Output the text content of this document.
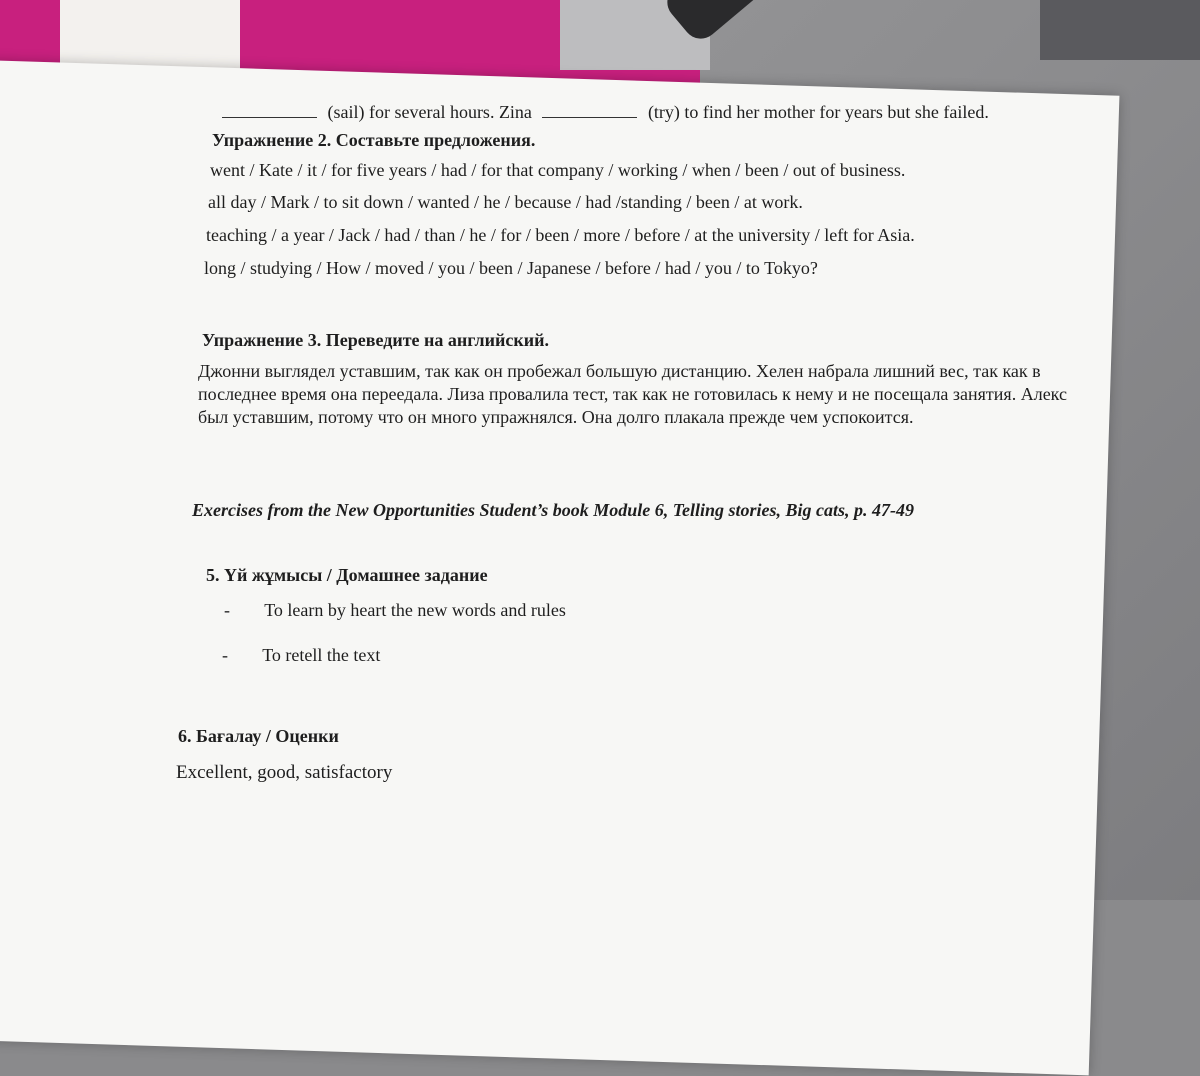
(sail) for several hours. Zina	(try) to find her mother for years but she failed.
Упражнение 2. Составьте предложения.
went / Kate / it / for five years / had / for that company / working / when / been / out of business.
all day / Mark / to sit down / wanted / he / because / had /standing / been / at work.
teaching / a year / Jack / had / than / he / for / been / more / before / at the university / left for Asia.
long / studying / How / moved / you / been / Japanese / before / had / you / to Tokyo?
Упражнение 3. Переведите на английский.
Джонни выглядел уставшим, так как он пробежал большую дистанцию. Хелен набрала лишний вес, так как в последнее время она переедала. Лиза провалила тест, так как не готовилась к нему и не посещала занятия. Алекс был уставшим, потому что он много упражнялся. Она долго плакала прежде чем успокоится.
Exercises from the New Opportunities Student’s book Module 6, Telling stories, Big cats, p. 47-49
5. Үй жұмысы / Домашнее задание
- To learn by heart the new words and rules
- To retell the text
6. Бағалау / Оценки
Excellent, good, satisfactory
